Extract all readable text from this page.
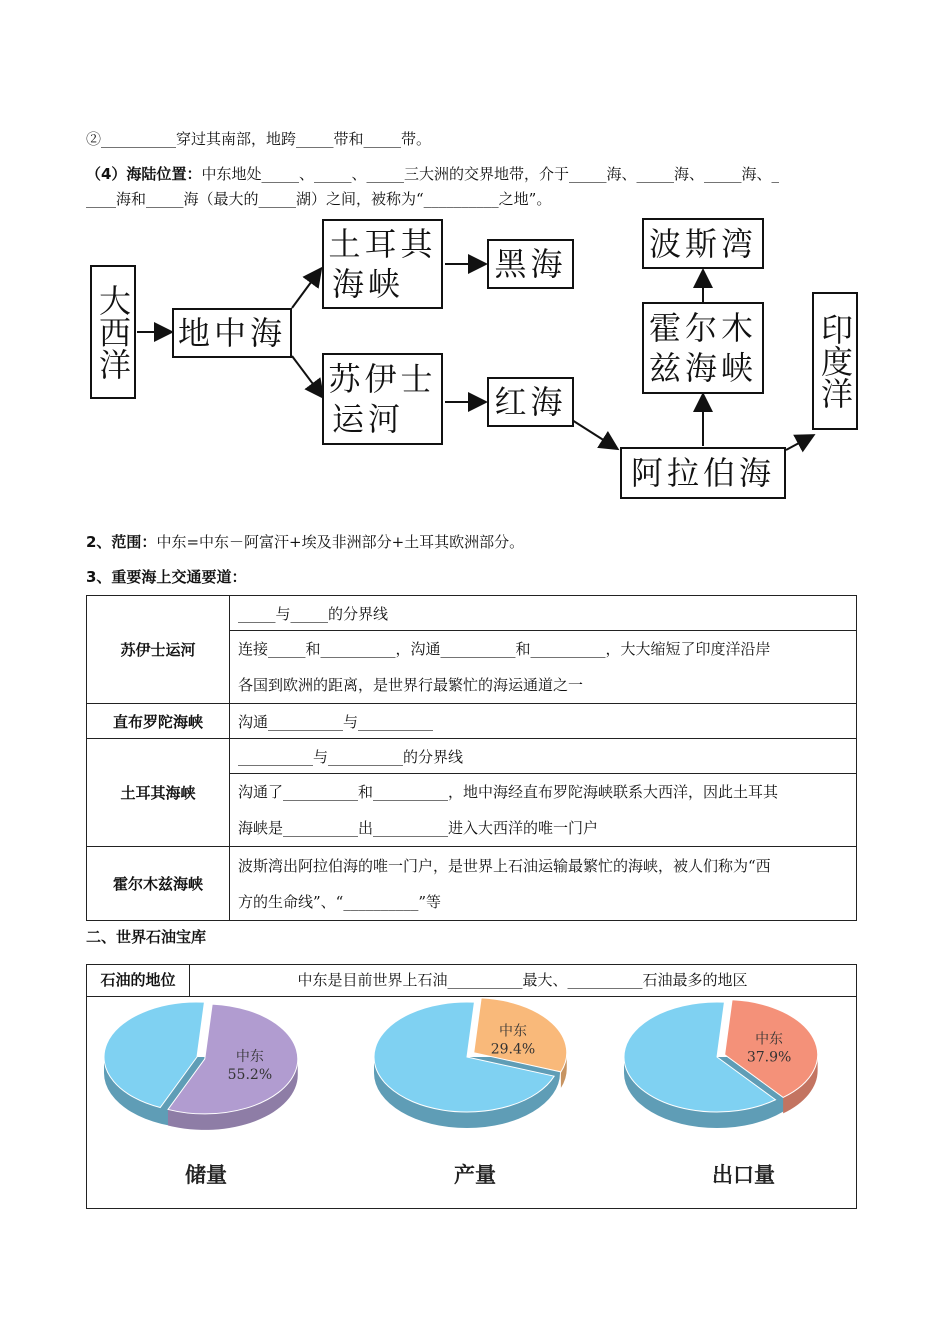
②__________穿过其南部，地跨_____带和_____带。
（4）海陆位置：中东地处_____、_____、_____三大洲的交界地带，介于_____海、_____海、_____海、_
____海和_____海（最大的_____湖）之间，被称为“__________之地”。
大西洋 地中海
土耳其
海峡
黑海
苏伊士
运河	红海
阿拉伯海
霍尔木
兹海峡
波斯湾
印度洋
2、范围：中东=中东－阿富汗+埃及非洲部分+土耳其欧洲部分。
3、重要海上交通要道：
苏伊士运河	_____与_____的分界线

	连接_____和__________，沟通__________和__________，大大缩短了印度洋沿岸
各国到欧洲的距离，是世界行最繁忙的海运通道之一

直布罗陀海峡	沟通__________与__________
土耳其海峡	__________与__________的分界线

	沟通了__________和__________，地中海经直布罗陀海峡联系大西洋，因此土耳其
海峡是__________出__________进入大西洋的唯一门户

霍尔木兹海峡	波斯湾出阿拉伯海的唯一门户，是世界上石油运输最繁忙的海峡，被人们称为“西
方的生命线”、“__________”等
二、世界石油宝库
石油的地位	中东是目前世界上石油__________最大、__________石油最多的地区
中东
55.2%
中东
29.4%
中东
37.9%
储量	产量	出口量
